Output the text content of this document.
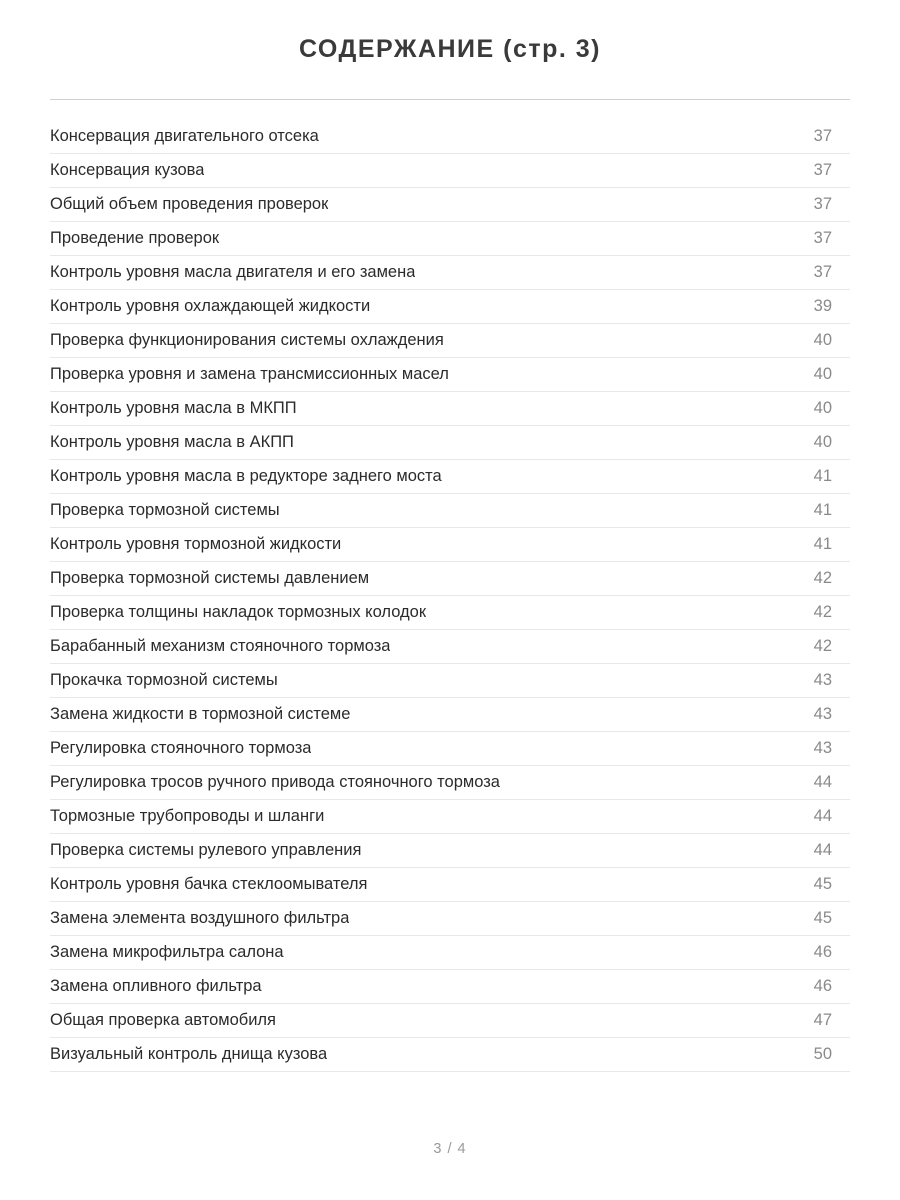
СОДЕРЖАНИЕ (стр. 3)
Консервация двигательного отсека	37
Консервация кузова	37
Общий объем проведения проверок	37
Проведение проверок	37
Контроль уровня масла двигателя и его замена	37
Контроль уровня охлаждающей жидкости	39
Проверка функционирования системы охлаждения	40
Проверка уровня и замена трансмиссионных масел	40
Контроль уровня масла в МКПП	40
Контроль уровня масла в АКПП	40
Контроль уровня масла в редукторе заднего моста	41
Проверка тормозной системы	41
Контроль уровня тормозной жидкости	41
Проверка тормозной системы давлением	42
Проверка толщины накладок тормозных колодок	42
Барабанный механизм стояночного тормоза	42
Прокачка тормозной системы	43
Замена жидкости в тормозной системе	43
Регулировка стояночного тормоза	43
Регулировка тросов ручного привода стояночного тормоза	44
Тормозные трубопроводы и шланги	44
Проверка системы рулевого управления	44
Контроль уровня бачка стеклоомывателя	45
Замена элемента воздушного фильтра	45
Замена микрофильтра салона	46
Замена опливного фильтра	46
Общая проверка автомобиля	47
Визуальный контроль днища кузова	50
3 / 4
